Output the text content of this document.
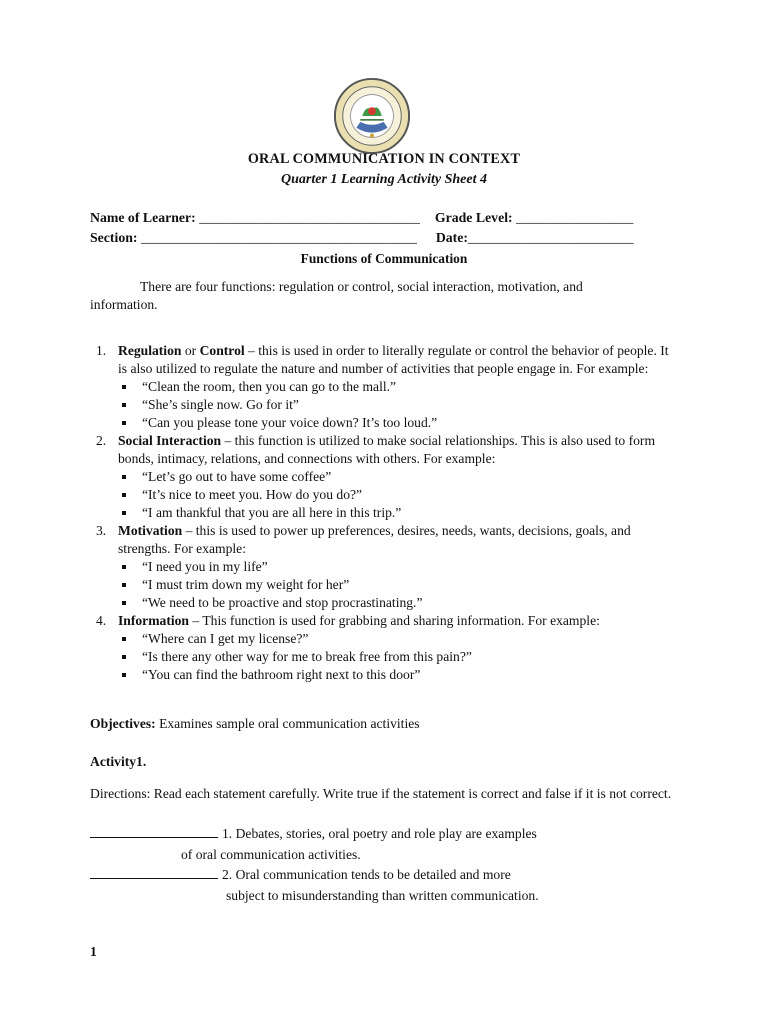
ORAL COMMUNICATION IN CONTEXT
Quarter 1 Learning Activity Sheet 4
Name of Learner: ________________________________ Grade Level: _________________
Section: ________________________________________ Date:________________________
Functions of Communication
There are four functions: regulation or control, social interaction, motivation, and information.
1. Regulation or Control – this is used in order to literally regulate or control the behavior of people. It is also utilized to regulate the nature and number of activities that people engage in. For example:
“Clean the room, then you can go to the mall.”
“She’s single now. Go for it”
“Can you please tone your voice down? It’s too loud.”
2. Social Interaction – this function is utilized to make social relationships. This is also used to form bonds, intimacy, relations, and connections with others. For example:
“Let’s go out to have some coffee”
“It’s nice to meet you. How do you do?”
“I am thankful that you are all here in this trip.”
3. Motivation – this is used to power up preferences, desires, needs, wants, decisions, goals, and strengths. For example:
“I need you in my life”
“I must trim down my weight for her”
“We need to be proactive and stop procrastinating.”
4. Information – This function is used for grabbing and sharing information. For example:
“Where can I get my license?”
“Is there any other way for me to break free from this pain?”
“You can find the bathroom right next to this door”
Objectives: Examines sample oral communication activities
Activity1.
Directions: Read each statement carefully. Write true if the statement is correct and false if it is not correct.
1. Debates, stories, oral poetry and role play are examples
of oral communication activities.
2. Oral communication tends to be detailed and more
subject to misunderstanding than written communication.
1
